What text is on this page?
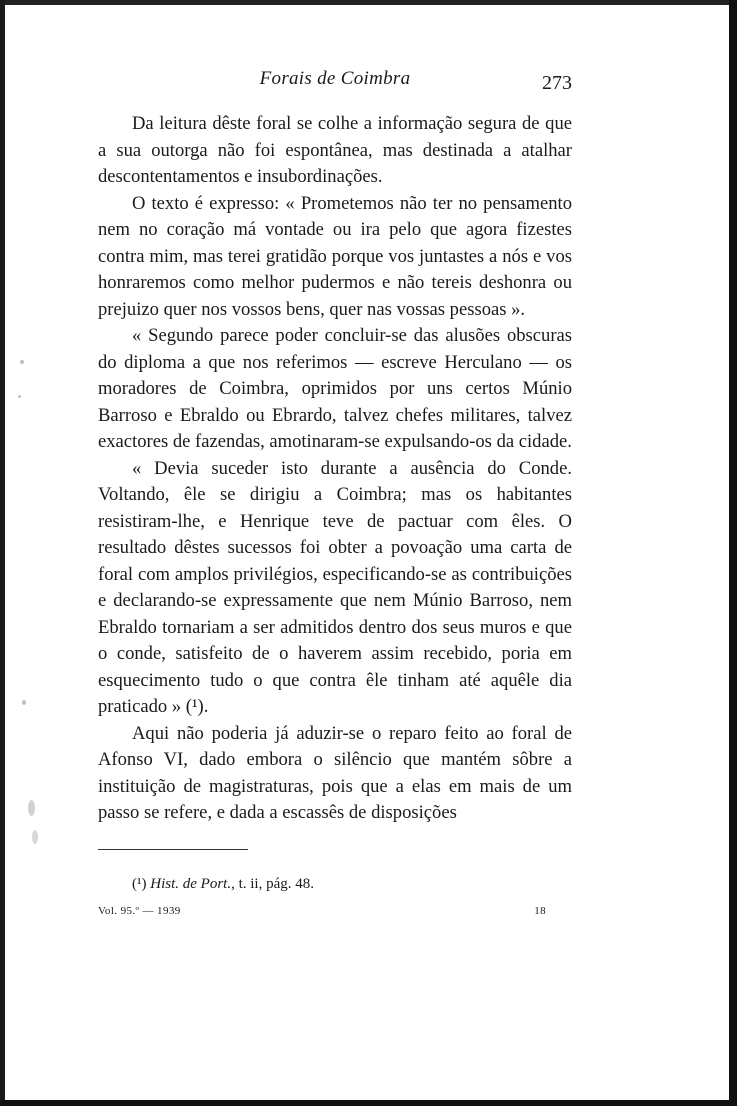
Forais de Coimbra	273

Da leitura dêste foral se colhe a informação segura de que a sua outorga não foi espontânea, mas destinada a atalhar descontentamentos e insubordinações.

O texto é expresso: « Prometemos não ter no pensamento nem no coração má vontade ou ira pelo que agora fizestes contra mim, mas terei gratidão porque vos juntastes a nós e vos honraremos como melhor pudermos e não tereis deshonra ou prejuizo quer nos vossos bens, quer nas vossas pessoas ».

« Segundo parece poder concluir-se das alusões obscuras do diploma a que nos referimos — escreve Herculano — os moradores de Coimbra, oprimidos por uns certos Múnio Barroso e Ebraldo ou Ebrardo, talvez chefes militares, talvez exactores de fazendas, amotinaram-se expulsando-os da cidade.

« Devia suceder isto durante a ausência do Conde. Voltando, êle se dirigiu a Coimbra; mas os habitantes resistiram-lhe, e Henrique teve de pactuar com êles. O resultado dêstes sucessos foi obter a povoação uma carta de foral com amplos privilégios, especificando-se as contribuições e declarando-se expressamente que nem Múnio Barroso, nem Ebraldo tornariam a ser admitidos dentro dos seus muros e que o conde, satisfeito de o haverem assim recebido, poria em esquecimento tudo o que contra êle tinham até aquêle dia praticado » (¹).

Aqui não poderia já aduzir-se o reparo feito ao foral de Afonso VI, dado embora o silêncio que mantém sôbre a instituição de magistraturas, pois que a elas em mais de um passo se refere, e dada a escassês de disposições

(¹) Hist. de Port., t. ii, pág. 48.
Vol. 95.º — 1939	18
